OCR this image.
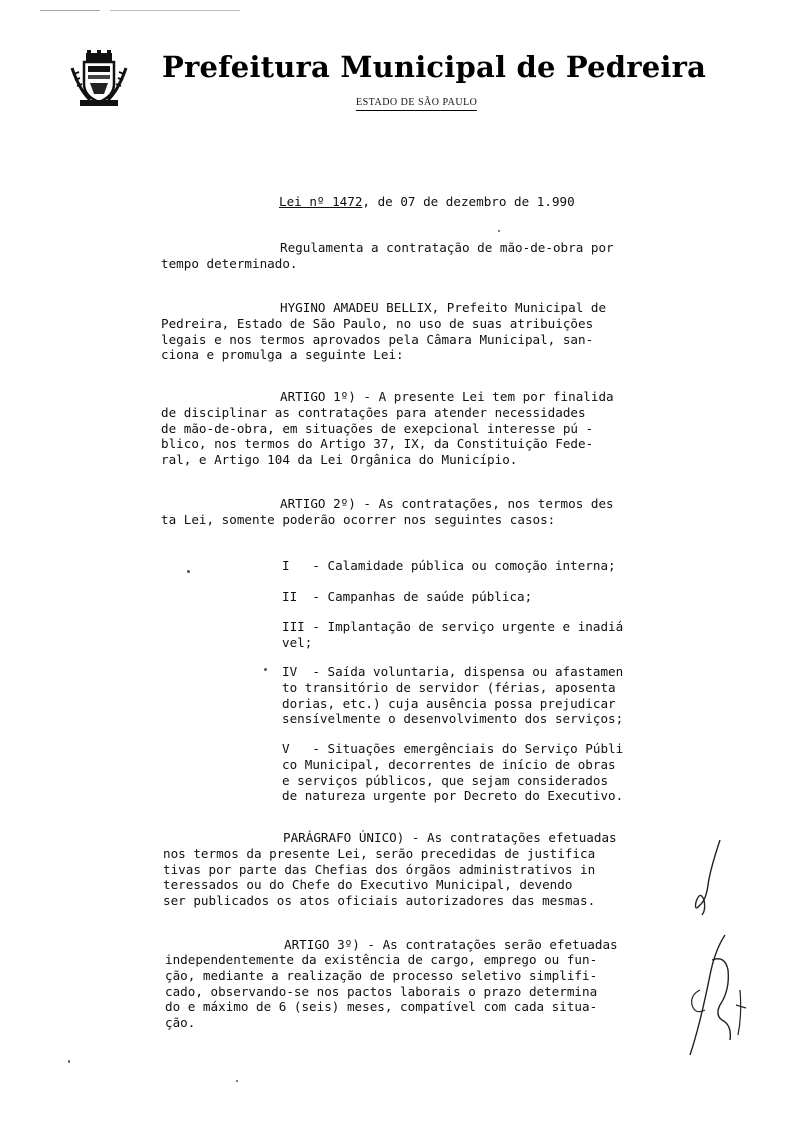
Prefeitura Municipal de Pedreira
ESTADO DE SÃO PAULO
Lei nº 1472, de 07 de dezembro de 1.990
Regulamenta a contratação de mão-de-obra por
tempo determinado.
HYGINO AMADEU BELLIX, Prefeito Municipal de
Pedreira, Estado de São Paulo, no uso de suas atribuições
legais e nos termos aprovados pela Câmara Municipal, san-
ciona e promulga a seguinte Lei:
ARTIGO 1º) - A presente Lei tem por finalida
de disciplinar as contratações para atender necessidades
de mão-de-obra, em situações de exepcional interesse pú -
blico, nos termos do Artigo 37, IX, da Constituição Fede-
ral, e Artigo 104 da Lei Orgânica do Município.
ARTIGO 2º) - As contratações, nos termos des
ta Lei, somente poderão ocorrer nos seguintes casos:
I   - Calamidade pública ou comoção interna;
II  - Campanhas de saúde pública;
III - Implantação de serviço urgente e inadiá
vel;
IV  - Saída voluntaria, dispensa ou afastamen
to transitório de servidor (férias, aposenta
dorias, etc.) cuja ausência possa prejudicar
sensívelmente o desenvolvimento dos serviços;
V   - Situações emergênciais do Serviço Públi
co Municipal, decorrentes de início de obras
e serviços públicos, que sejam considerados
de natureza urgente por Decreto do Executivo.
PARÁGRAFO ÚNICO) - As contratações efetuadas
nos termos da presente Lei, serão precedidas de justifica
tivas por parte das Chefias dos órgãos administrativos in
teressados ou do Chefe do Executivo Municipal, devendo
ser publicados os atos oficiais autorizadores das mesmas.
ARTIGO 3º) - As contratações serão efetuadas
independentemente da existência de cargo, emprego ou fun-
ção, mediante a realização de processo seletivo simplifi-
cado, observando-se nos pactos laborais o prazo determina
do e máximo de 6 (seis) meses, compatível com cada situa-
ção.
